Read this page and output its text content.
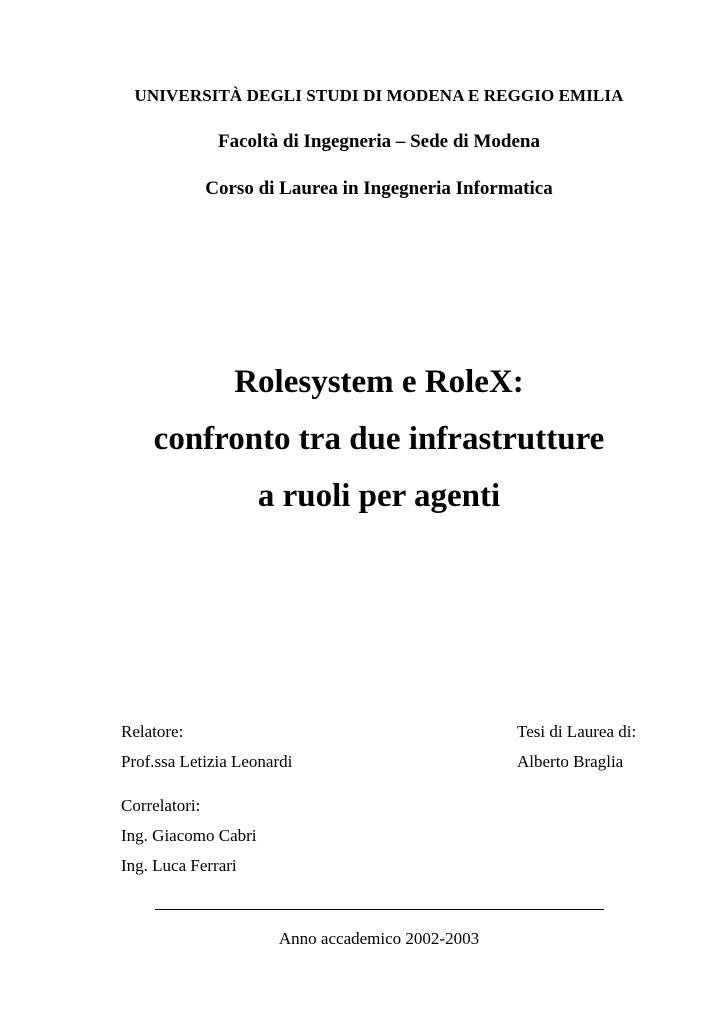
UNIVERSITÀ DEGLI STUDI DI MODENA E REGGIO EMILIA
Facoltà di Ingegneria – Sede di Modena
Corso di Laurea in Ingegneria Informatica
Rolesystem e RoleX:
confronto tra due infrastrutture
a ruoli per agenti
Relatore:
Prof.ssa Letizia Leonardi
Tesi di Laurea di:
Alberto Braglia
Correlatori:
Ing. Giacomo Cabri
Ing. Luca Ferrari
Anno accademico 2002-2003
